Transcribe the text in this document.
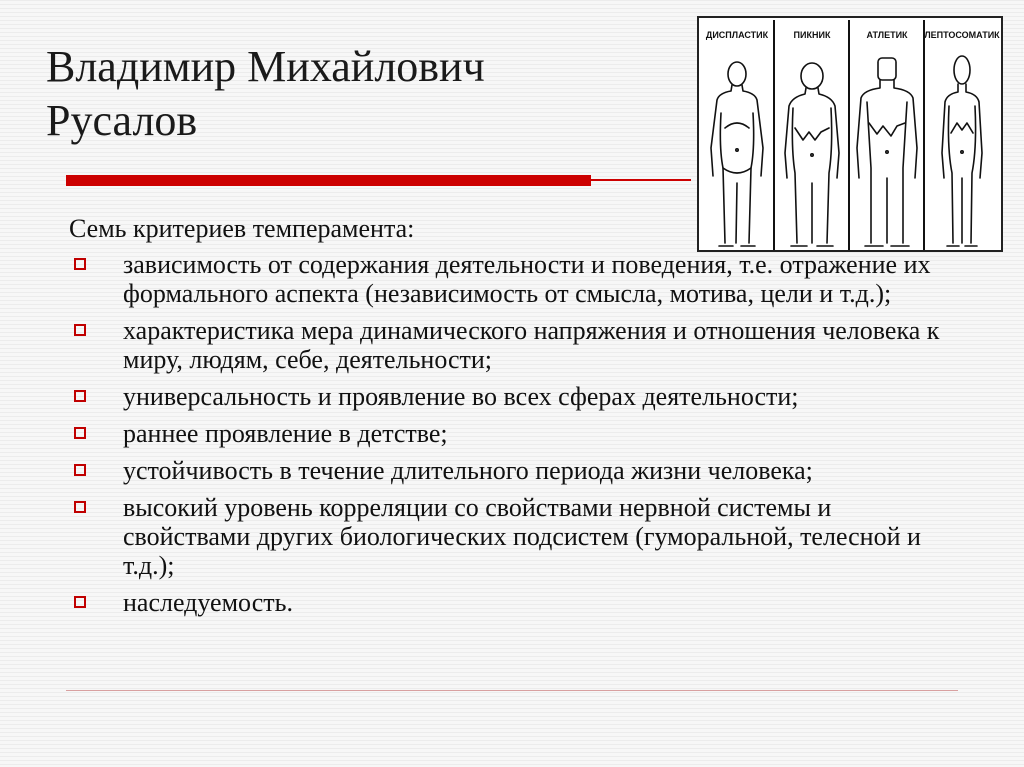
Владимир Михайлович
Русалов
ДИСПЛАСТИК	ПИКНИК	АТЛЕТИК ЛЕПТОСОМАТИК
Семь критериев темперамента:
зависимость от содержания деятельности и поведения, т.е. отражение их формального аспекта (независимость от смысла, мотива, цели и т.д.);
характеристика мера динамического напряжения и отношения человека к миру, людям, себе, деятельности;
универсальность и проявление во всех сферах деятельности;
раннее проявление в детстве;
устойчивость в течение длительного периода жизни человека;
высокий уровень корреляции со свойствами нервной системы и свойствами других биологических подсистем (гуморальной, телесной и т.д.);
наследуемость.
